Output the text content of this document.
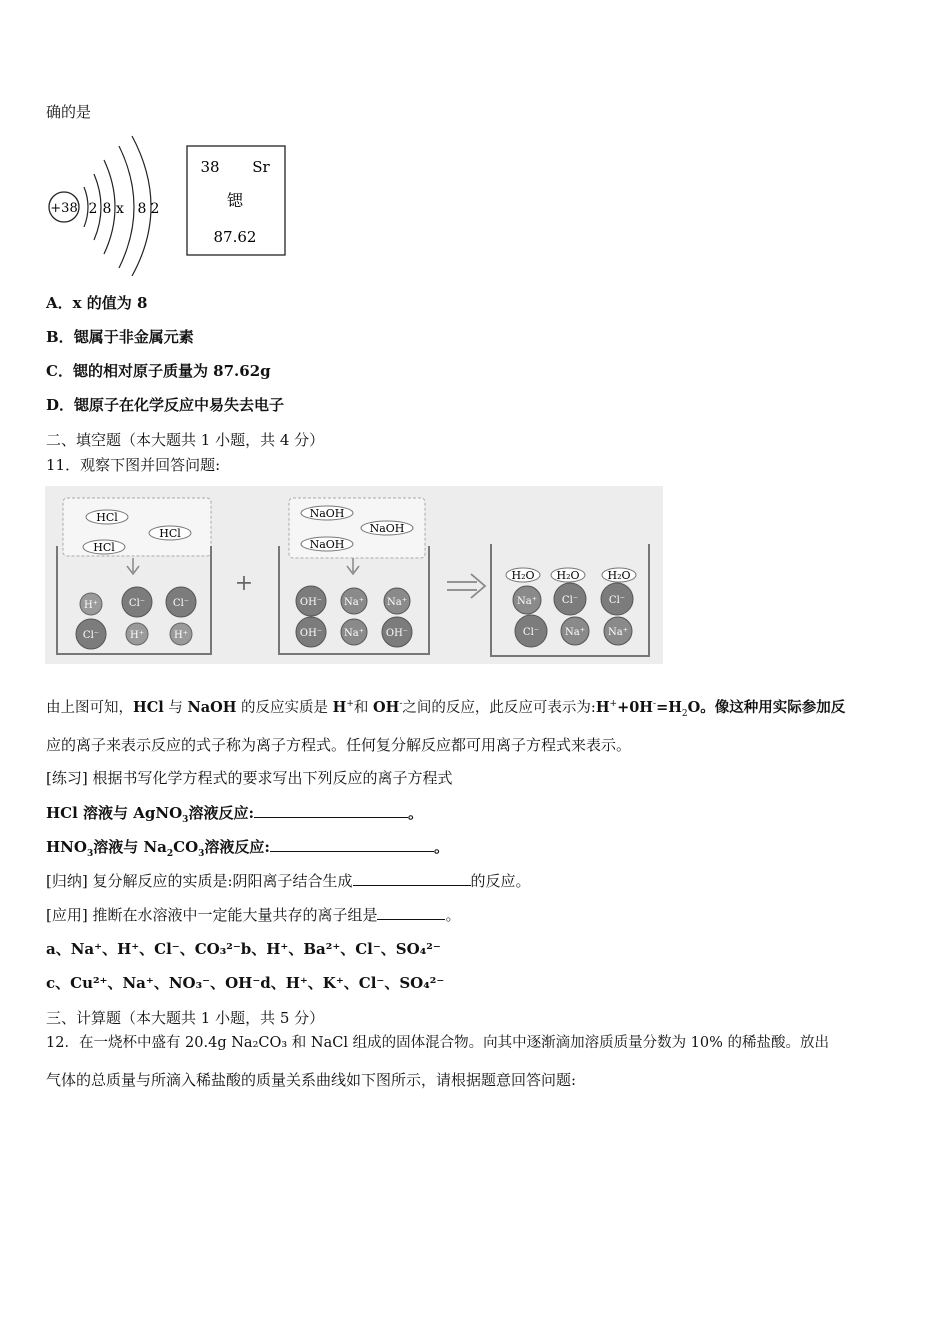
确的是
+38 2 8 x 8 2
38 Sr
锶
87.62
A．x 的值为 8
B．锶属于非金属元素
C．锶的相对原子质量为 87.62g
D．锶原子在化学反应中易失去电子
二、填空题（本大题共 1 小题，共 4 分）
11．观察下图并回答问题:
HCl
HCl
HCl
H⁺	Cl⁻	Cl⁻
Cl⁻	H⁺	H⁺
+
NaOH
NaOH
NaOH
OH⁻ Na⁺ Na⁺
OH⁻ Na⁺ OH⁻
H₂O H₂O	H₂O
Na⁺ Cl⁻	Cl⁻
Cl⁻	Na⁺ Na⁺
由上图可知，HCl 与 NaOH 的反应实质是 H+和 OH-之间的反应，此反应可表示为$:H^++0H^-=H_2O$。像这种用实际参加反
应的离子来表示反应的式子称为离子方程式。任何复分解反应都可用离子方程式来表示。
[练习] 根据书写化学方程式的要求写出下列反应的离子方程式
HCl 溶液与 AgNO$_3$溶液反应:	。
$HNO_3$溶液与 $Na_2CO_3$溶液反应:	。
[归纳] 复分解反应的实质是:阴阳离子结合生成	的反应。
[应用] 推断在水溶液中一定能大量共存的离子组是	。
a、Na⁺、H⁺、Cl⁻、CO₃²⁻b、H⁺、Ba²⁺、Cl⁻、SO₄²⁻
c、Cu²⁺、Na⁺、NO₃⁻、OH⁻d、H⁺、K⁺、Cl⁻、SO₄²⁻
三、计算题（本大题共 1 小题，共 5 分）
12．在一烧杯中盛有 20.4g Na₂CO₃ 和 NaCl 组成的固体混合物。向其中逐渐滴加溶质质量分数为 10% 的稀盐酸。放出
气体的总质量与所滴入稀盐酸的质量关系曲线如下图所示，请根据题意回答问题:
